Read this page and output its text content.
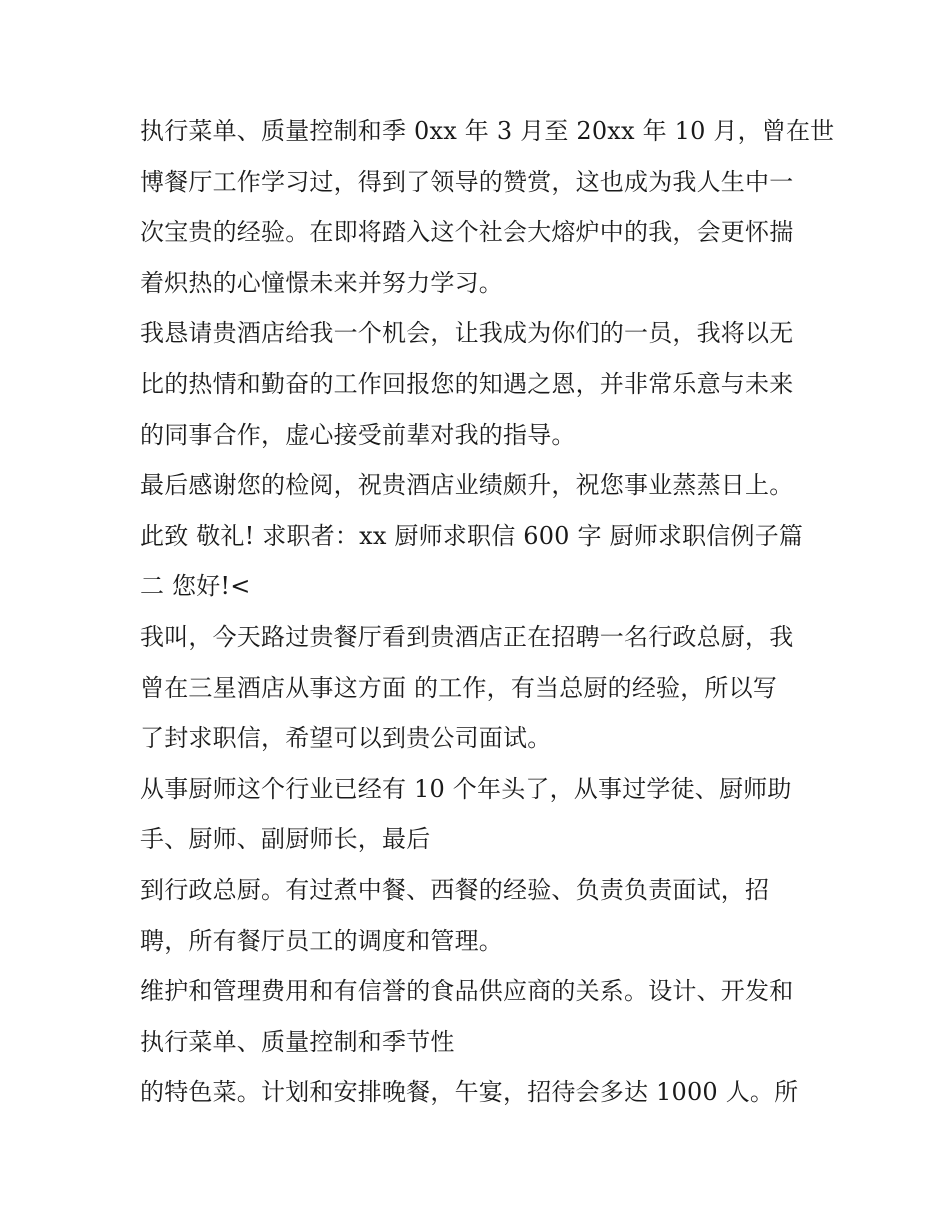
执行菜单、质量控制和季 0xx 年 3 月至 20xx 年 10 月，曾在世
博餐厅工作学习过，得到了领导的赞赏，这也成为我人生中一
次宝贵的经验。在即将踏入这个社会大熔炉中的我，会更怀揣
着炽热的心憧憬未来并努力学习。
我恳请贵酒店给我一个机会，让我成为你们的一员，我将以无
比的热情和勤奋的工作回报您的知遇之恩，并非常乐意与未来
的同事合作，虚心接受前辈对我的指导。
最后感谢您的检阅，祝贵酒店业绩颇升，祝您事业蒸蒸日上。
此致 敬礼! 求职者：xx 厨师求职信 600 字 厨师求职信例子篇
二 您好!<
我叫，今天路过贵餐厅看到贵酒店正在招聘一名行政总厨，我
曾在三星酒店从事这方面 的工作，有当总厨的经验，所以写
了封求职信，希望可以到贵公司面试。
从事厨师这个行业已经有 10 个年头了，从事过学徒、厨师助
手、厨师、副厨师长，最后
到行政总厨。有过煮中餐、西餐的经验、负责负责面试，招
聘，所有餐厅员工的调度和管理。
维护和管理费用和有信誉的食品供应商的关系。设计、开发和
执行菜单、质量控制和季节性
的特色菜。计划和安排晚餐，午宴，招待会多达 1000 人。所
